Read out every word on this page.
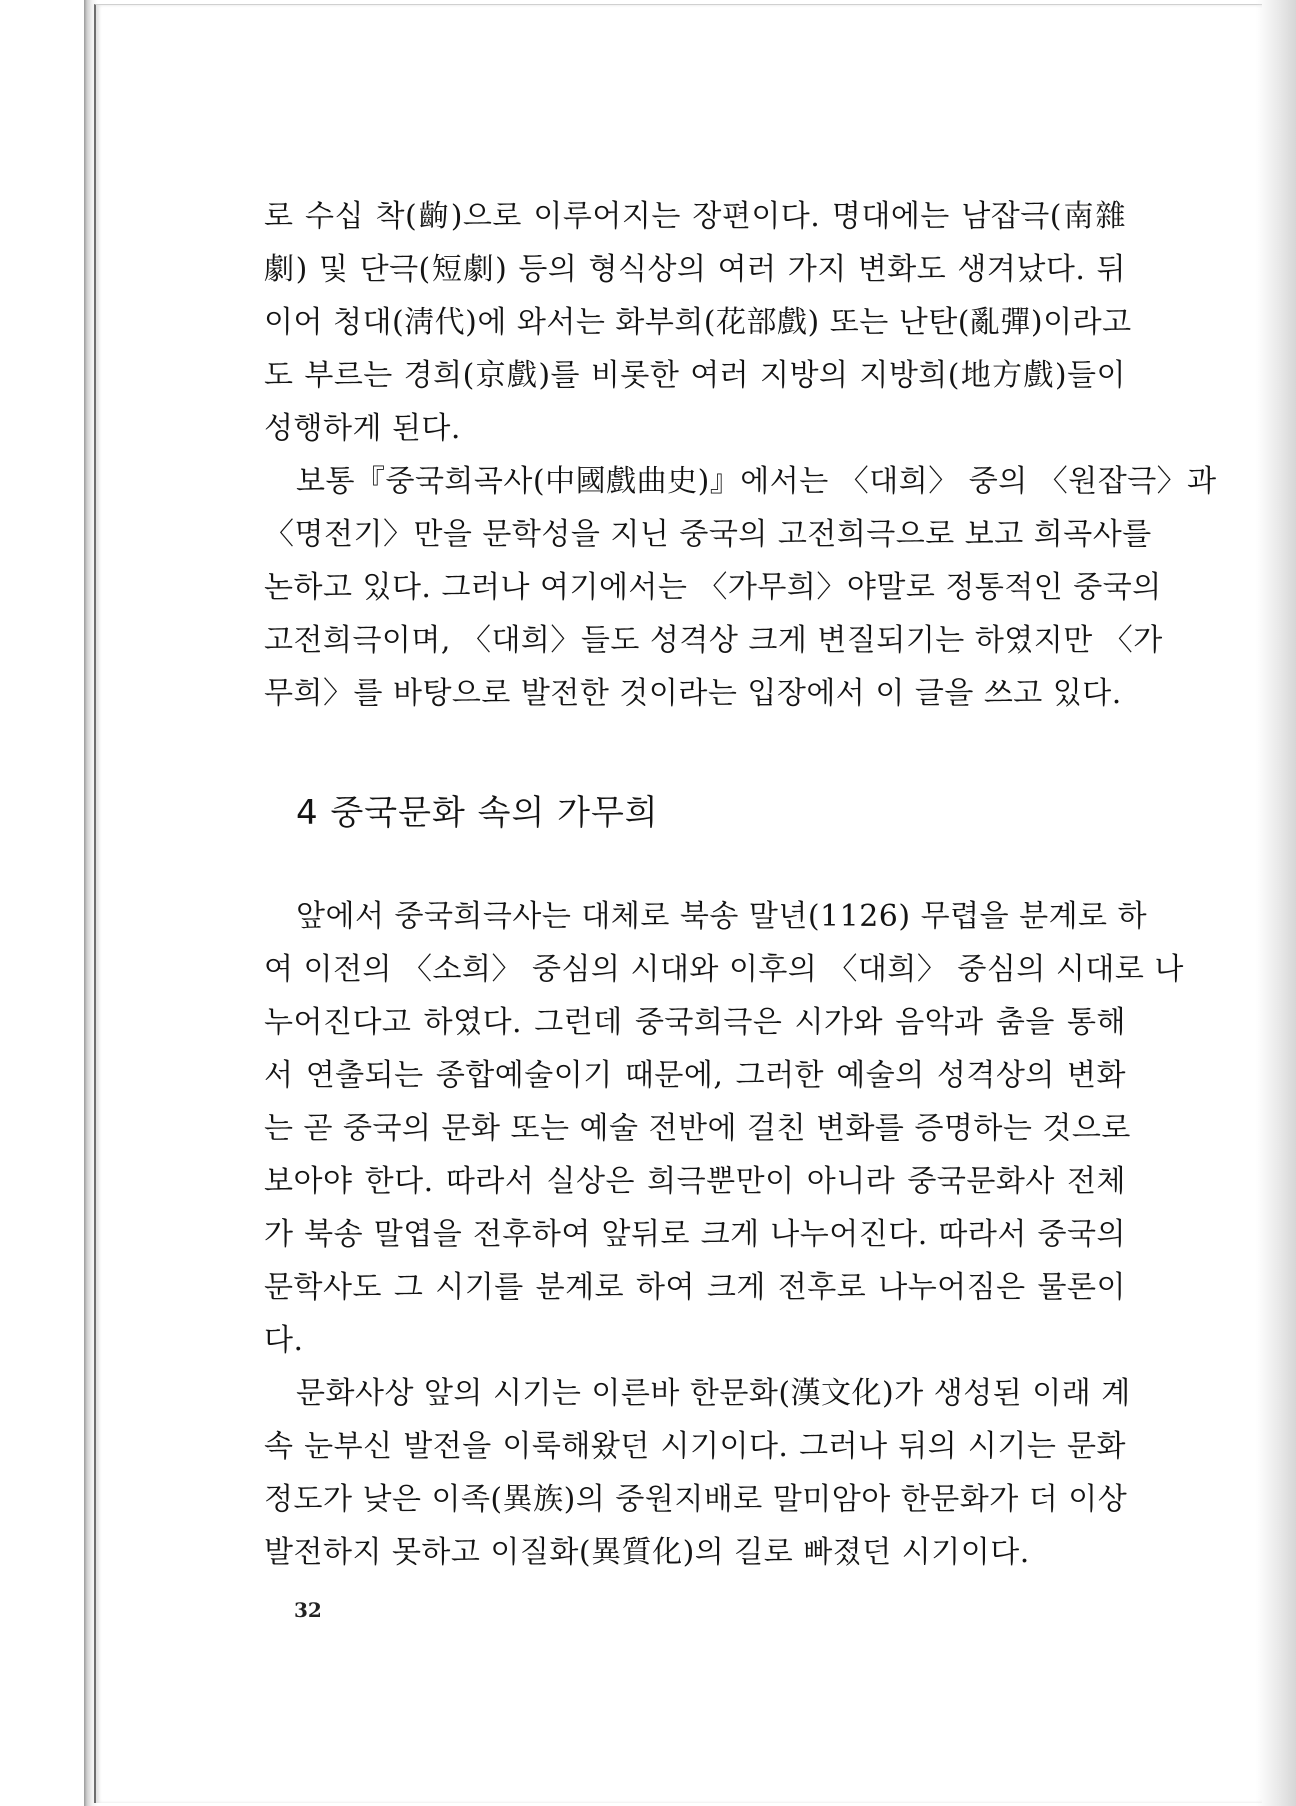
로 수십 착(齣)으로 이루어지는 장편이다. 명대에는 남잡극(南雜
劇) 및 단극(短劇) 등의 형식상의 여러 가지 변화도 생겨났다. 뒤
이어 청대(淸代)에 와서는 화부희(花部戲) 또는 난탄(亂彈)이라고
도 부르는 경희(京戲)를 비롯한 여러 지방의 지방희(地方戲)들이
성행하게 된다.
보통『중국희곡사(中國戲曲史)』에서는 〈대희〉 중의 〈원잡극〉과
〈명전기〉만을 문학성을 지닌 중국의 고전희극으로 보고 희곡사를
논하고 있다. 그러나 여기에서는 〈가무희〉야말로 정통적인 중국의
고전희극이며, 〈대희〉들도 성격상 크게 변질되기는 하였지만 〈가
무희〉를 바탕으로 발전한 것이라는 입장에서 이 글을 쓰고 있다.
4 중국문화 속의 가무희
앞에서 중국희극사는 대체로 북송 말년(1126) 무렵을 분계로 하
여 이전의 〈소희〉 중심의 시대와 이후의 〈대희〉 중심의 시대로 나
누어진다고 하였다. 그런데 중국희극은 시가와 음악과 춤을 통해
서 연출되는 종합예술이기 때문에, 그러한 예술의 성격상의 변화
는 곧 중국의 문화 또는 예술 전반에 걸친 변화를 증명하는 것으로
보아야 한다. 따라서 실상은 희극뿐만이 아니라 중국문화사 전체
가 북송 말엽을 전후하여 앞뒤로 크게 나누어진다. 따라서 중국의
문학사도 그 시기를 분계로 하여 크게 전후로 나누어짐은 물론이
다.
문화사상 앞의 시기는 이른바 한문화(漢文化)가 생성된 이래 계
속 눈부신 발전을 이룩해왔던 시기이다. 그러나 뒤의 시기는 문화
정도가 낮은 이족(異族)의 중원지배로 말미암아 한문화가 더 이상
발전하지 못하고 이질화(異質化)의 길로 빠졌던 시기이다.
32
